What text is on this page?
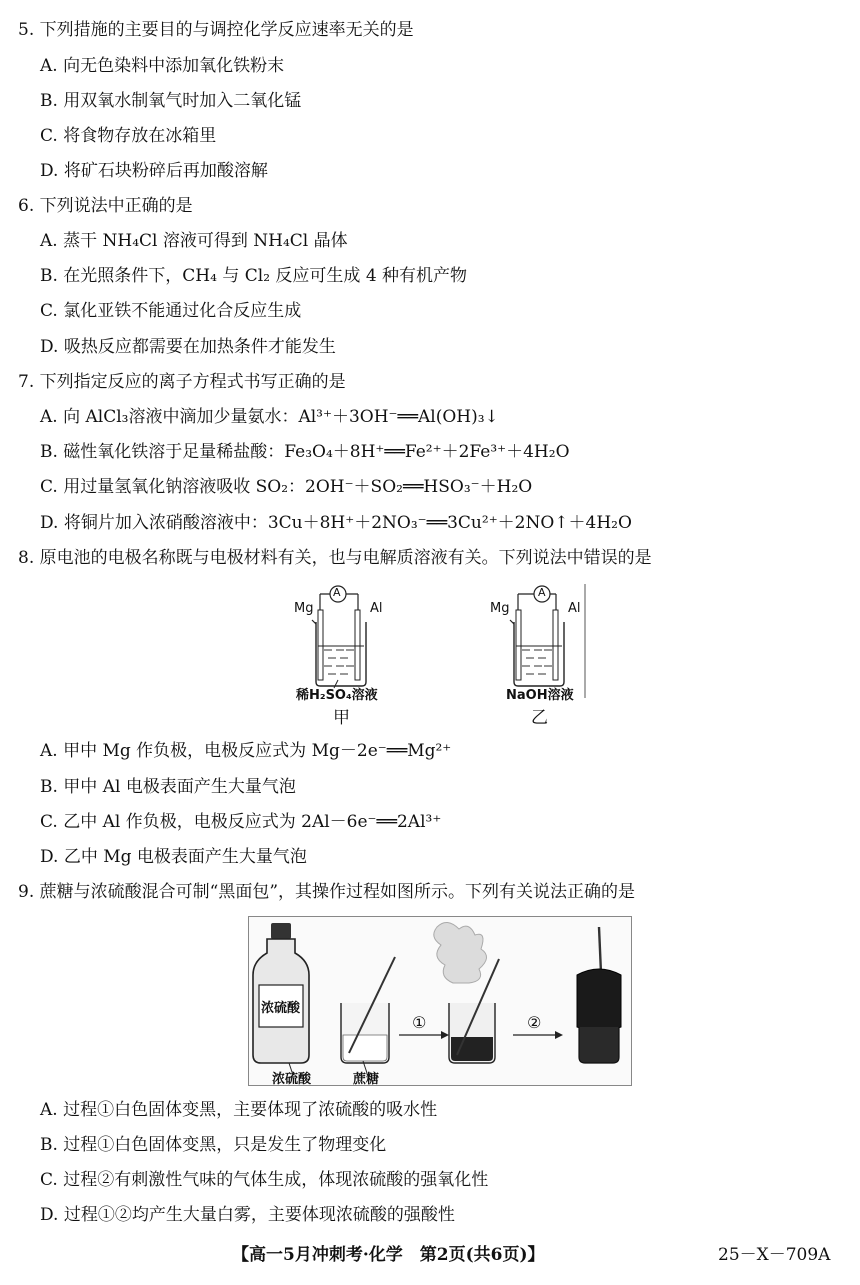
5. 下列措施的主要目的与调控化学反应速率无关的是
A. 向无色染料中添加氧化铁粉末
B. 用双氧水制氧气时加入二氧化锰
C. 将食物存放在冰箱里
D. 将矿石块粉碎后再加酸溶解
6. 下列说法中正确的是
A. 蒸干 NH₄Cl 溶液可得到 NH₄Cl 晶体
B. 在光照条件下，CH₄ 与 Cl₂ 反应可生成 4 种有机产物
C. 氯化亚铁不能通过化合反应生成
D. 吸热反应都需要在加热条件才能发生
7. 下列指定反应的离子方程式书写正确的是
A. 向 AlCl₃溶液中滴加少量氨水：Al³⁺＋3OH⁻══Al(OH)₃↓
B. 磁性氧化铁溶于足量稀盐酸：Fe₃O₄＋8H⁺══Fe²⁺＋2Fe³⁺＋4H₂O
C. 用过量氢氧化钠溶液吸收 SO₂：2OH⁻＋SO₂══HSO₃⁻＋H₂O
D. 将铜片加入浓硝酸溶液中：3Cu＋8H⁺＋2NO₃⁻══3Cu²⁺＋2NO↑＋4H₂O
8. 原电池的电极名称既与电极材料有关，也与电解质溶液有关。下列说法中错误的是
Mg
A
Al
稀H₂SO₄溶液
甲
Mg
A
Al
NaOH溶液
乙
A. 甲中 Mg 作负极，电极反应式为 Mg－2e⁻══Mg²⁺
B. 甲中 Al 电极表面产生大量气泡
C. 乙中 Al 作负极，电极反应式为 2Al－6e⁻══2Al³⁺
D. 乙中 Mg 电极表面产生大量气泡
9. 蔗糖与浓硫酸混合可制“黑面包”，其操作过程如图所示。下列有关说法正确的是
浓硫酸
浓硫酸	蔗糖
①	②
A. 过程①白色固体变黑，主要体现了浓硫酸的吸水性
B. 过程①白色固体变黑，只是发生了物理变化
C. 过程②有刺激性气味的气体生成，体现浓硫酸的强氧化性
D. 过程①②均产生大量白雾，主要体现浓硫酸的强酸性
【高一5月冲刺考·化学　第2页(共6页)】	25－X－709A
